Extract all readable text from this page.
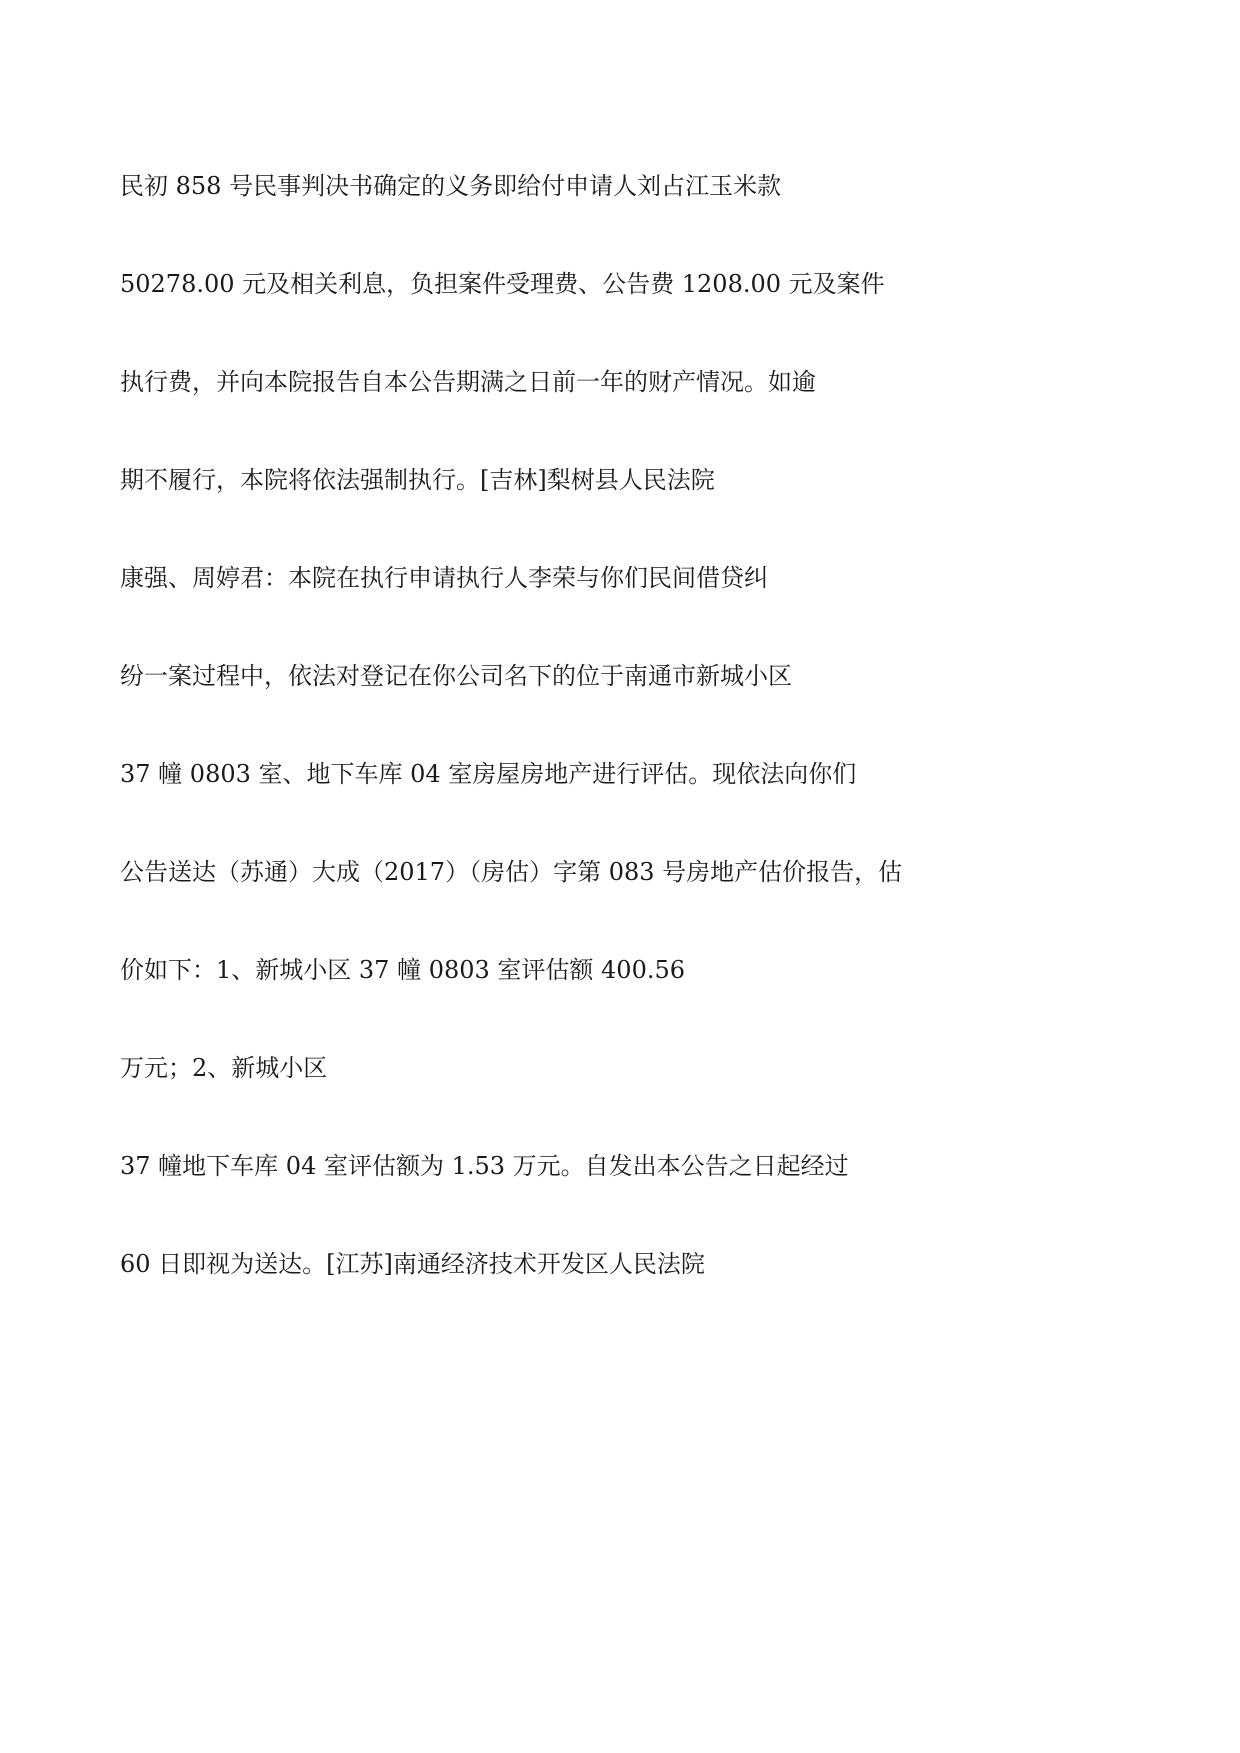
民初 858 号民事判决书确定的义务即给付申请人刘占江玉米款

50278.00 元及相关利息，负担案件受理费、公告费 1208.00 元及案件

执行费，并向本院报告自本公告期满之日前一年的财产情况。如逾

期不履行，本院将依法强制执行。[吉林]梨树县人民法院

康强、周婷君：本院在执行申请执行人李荣与你们民间借贷纠

纷一案过程中，依法对登记在你公司名下的位于南通市新城小区

37 幢 0803 室、地下车库 04 室房屋房地产进行评估。现依法向你们

公告送达（苏通）大成（2017）（房估）字第 083 号房地产估价报告，估

价如下：1、新城小区 37 幢 0803 室评估额 400.56

万元；2、新城小区

37 幢地下车库 04 室评估额为 1.53 万元。自发出本公告之日起经过

60 日即视为送达。[江苏]南通经济技术开发区人民法院
